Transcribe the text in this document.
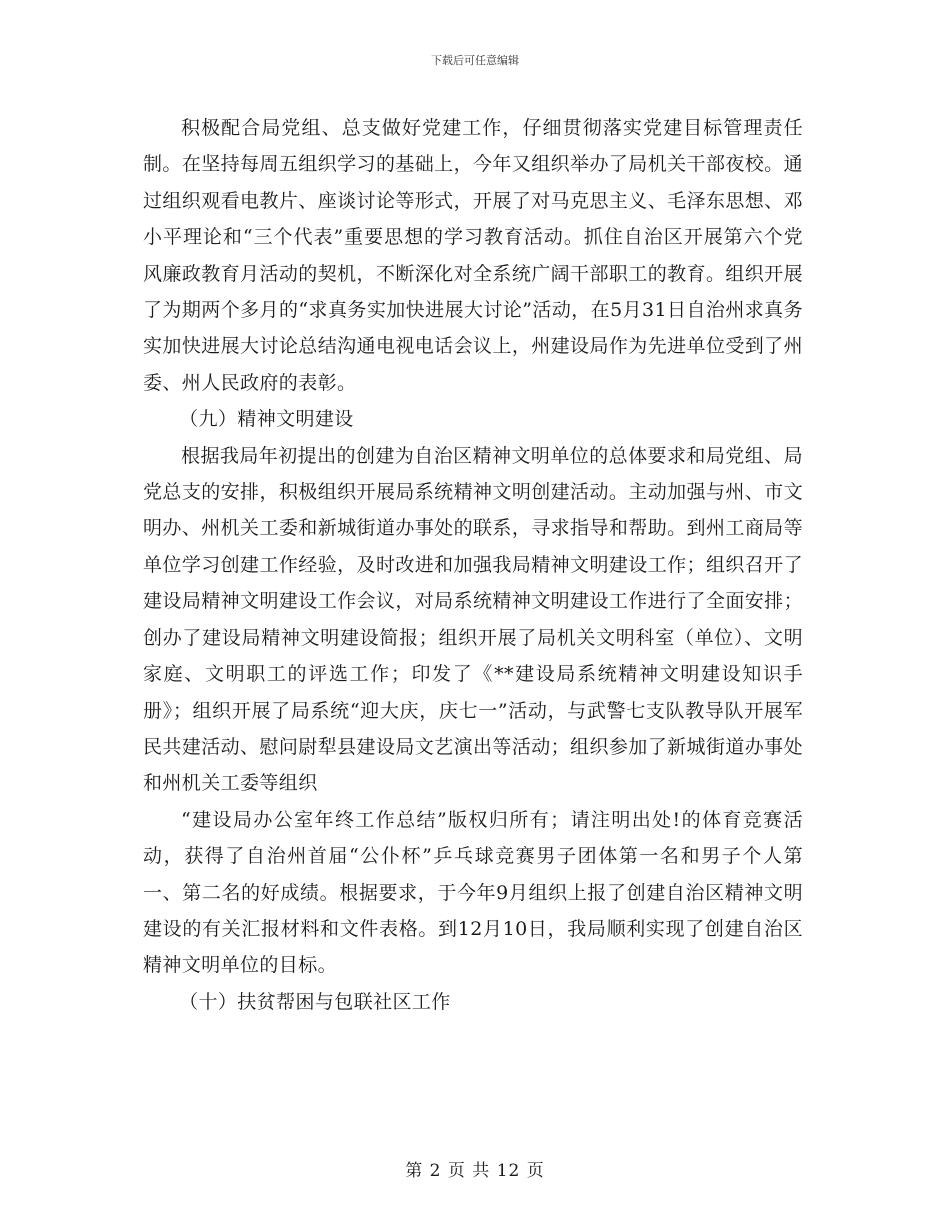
下载后可任意编辑

积极配合局党组、总支做好党建工作，仔细贯彻落实党建目标管理责任制。在坚持每周五组织学习的基础上，今年又组织举办了局机关干部夜校。通过组织观看电教片、座谈讨论等形式，开展了对马克思主义、毛泽东思想、邓小平理论和“三个代表”重要思想的学习教育活动。抓住自治区开展第六个党风廉政教育月活动的契机，不断深化对全系统广阔干部职工的教育。组织开展了为期两个多月的“求真务实加快进展大讨论”活动，在5月31日自治州求真务实加快进展大讨论总结沟通电视电话会议上，州建设局作为先进单位受到了州委、州人民政府的表彰。

（九）精神文明建设

根据我局年初提出的创建为自治区精神文明单位的总体要求和局党组、局党总支的安排，积极组织开展局系统精神文明创建活动。主动加强与州、市文明办、州机关工委和新城街道办事处的联系，寻求指导和帮助。到州工商局等单位学习创建工作经验，及时改进和加强我局精神文明建设工作；组织召开了建设局精神文明建设工作会议，对局系统精神文明建设工作进行了全面安排；创办了建设局精神文明建设简报；组织开展了局机关文明科室（单位）、文明家庭、文明职工的评选工作；印发了《**建设局系统精神文明建设知识手册》；组织开展了局系统“迎大庆，庆七一”活动，与武警七支队教导队开展军民共建活动、慰问尉犁县建设局文艺演出等活动；组织参加了新城街道办事处和州机关工委等组织

“建设局办公室年终工作总结”版权归所有；请注明出处!的体育竞赛活动，获得了自治州首届“公仆杯”乒乓球竞赛男子团体第一名和男子个人第一、第二名的好成绩。根据要求，于今年9月组织上报了创建自治区精神文明建设的有关汇报材料和文件表格。到12月10日，我局顺利实现了创建自治区精神文明单位的目标。

（十）扶贫帮困与包联社区工作

第 2 页 共 12 页
